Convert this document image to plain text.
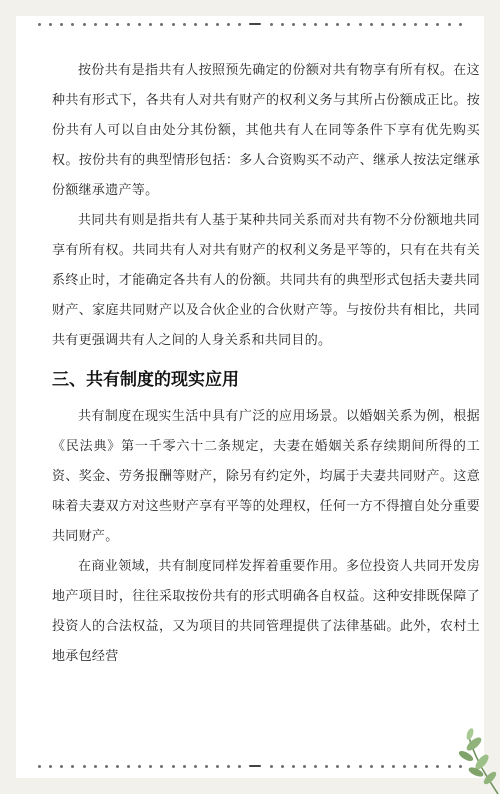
按份共有是指共有人按照预先确定的份额对共有物享有所有权。在这种共有形式下，各共有人对共有财产的权利义务与其所占份额成正比。按份共有人可以自由处分其份额，其他共有人在同等条件下享有优先购买权。按份共有的典型情形包括：多人合资购买不动产、继承人按法定继承份额继承遗产等。

共同共有则是指共有人基于某种共同关系而对共有物不分份额地共同享有所有权。共同共有人对共有财产的权利义务是平等的，只有在共有关系终止时，才能确定各共有人的份额。共同共有的典型形式包括夫妻共同财产、家庭共同财产以及合伙企业的合伙财产等。与按份共有相比，共同共有更强调共有人之间的人身关系和共同目的。

三、共有制度的现实应用

共有制度在现实生活中具有广泛的应用场景。以婚姻关系为例，根据《民法典》第一千零六十二条规定，夫妻在婚姻关系存续期间所得的工资、奖金、劳务报酬等财产，除另有约定外，均属于夫妻共同财产。这意味着夫妻双方对这些财产享有平等的处理权，任何一方不得擅自处分重要共同财产。

在商业领域，共有制度同样发挥着重要作用。多位投资人共同开发房地产项目时，往往采取按份共有的形式明确各自权益。这种安排既保障了投资人的合法权益，又为项目的共同管理提供了法律基础。此外，农村土地承包经营
